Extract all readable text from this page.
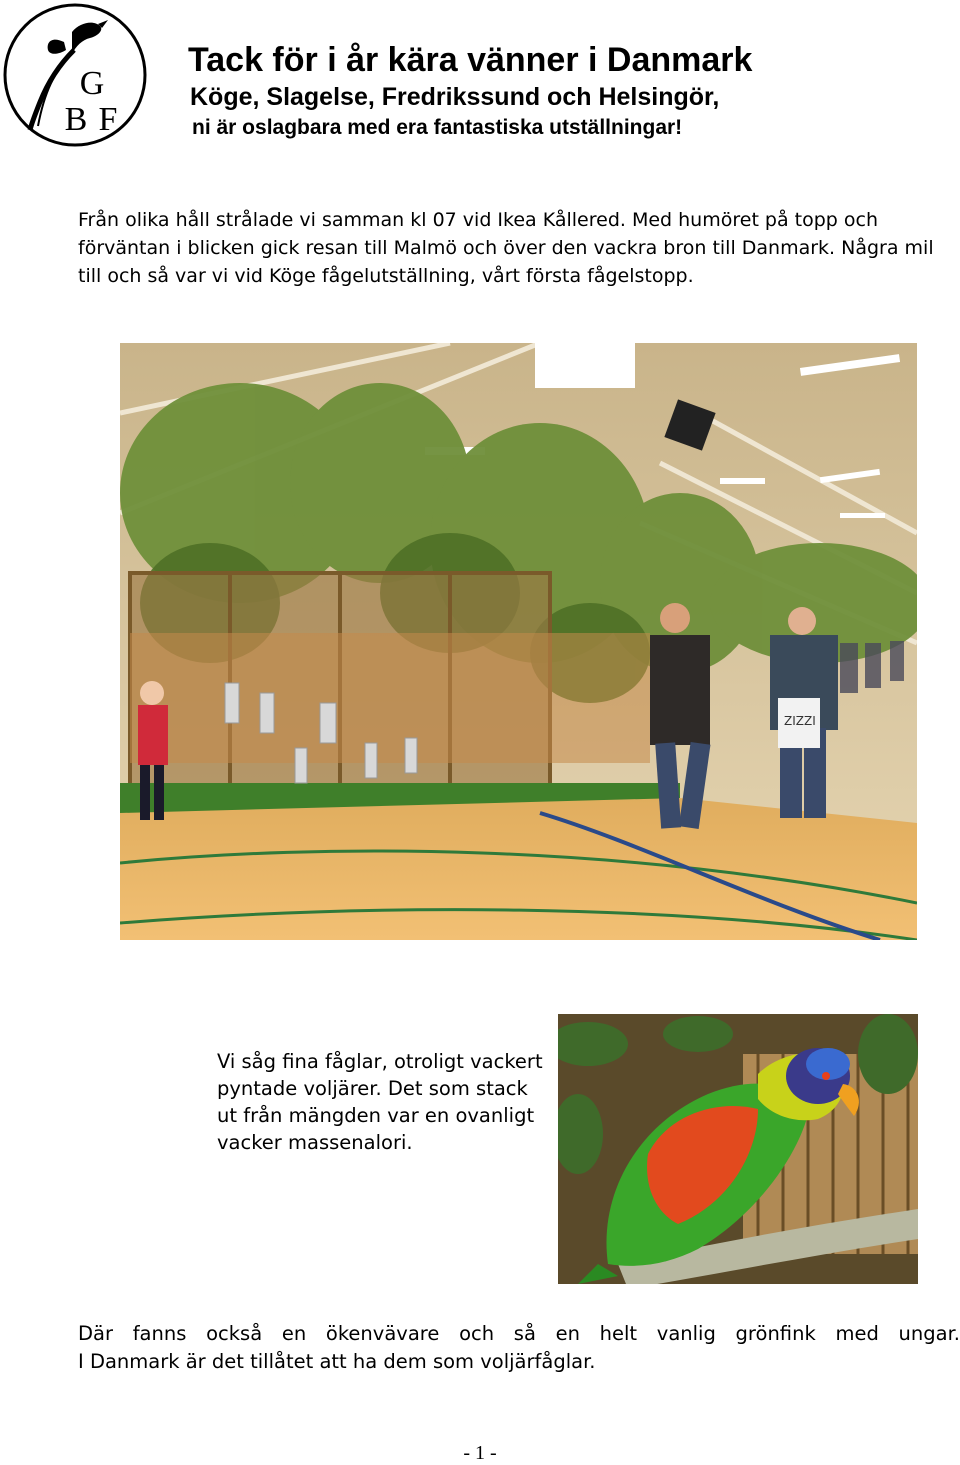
G
B F
Tack för i år kära vänner i Danmark
Köge, Slagelse, Fredrikssund och Helsingör,
ni är oslagbara med era fantastiska utställningar!

Från olika håll strålade vi samman kl 07 vid Ikea Kållered. Med humöret på topp och förväntan i blicken gick resan till Malmö och över den vackra bron till Danmark. Några mil till och så var vi vid Köge fågelutställning, vårt första fågelstopp.

ZIZZI

Vi såg fina fåglar, otroligt vackert pyntade voljärer. Det som stack ut från mängden var en ovanligt vacker massenalori.

Där fanns också en ökenvävare och så en helt vanlig grönfink med ungar.
I Danmark är det tillåtet att ha dem som voljärfåglar.

- 1 -
